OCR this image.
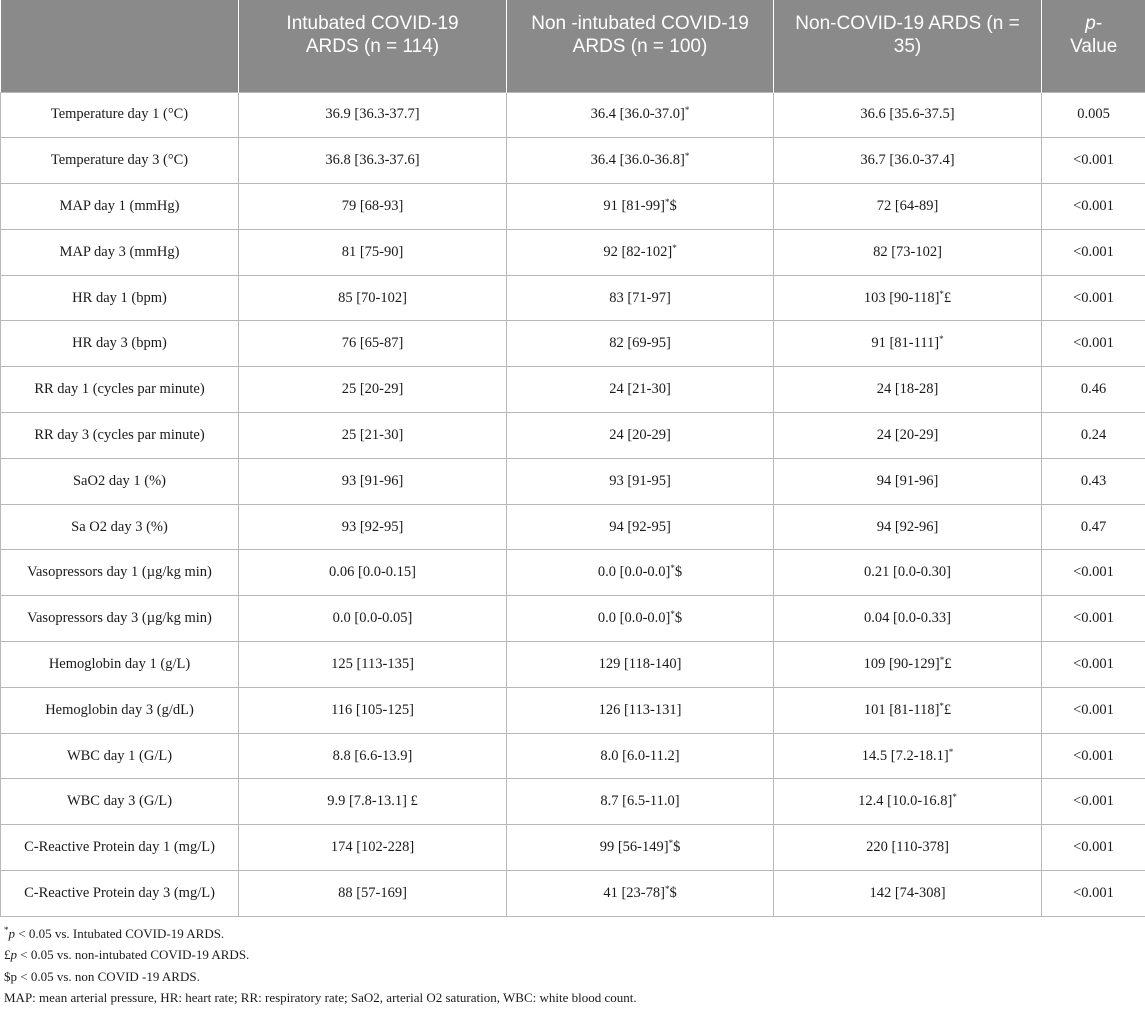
	Intubated COVID-19 ARDS (n = 114)	Non -intubated COVID-19 ARDS (n = 100)	Non-COVID-19 ARDS (n = 35)	p-Value
Temperature day 1 (°C)	36.9 [36.3-37.7]	36.4 [36.0-37.0]*	36.6 [35.6-37.5]	0.005
Temperature day 3 (°C)	36.8 [36.3-37.6]	36.4 [36.0-36.8]*	36.7 [36.0-37.4]	<0.001
MAP day 1 (mmHg)	79 [68-93]	91 [81-99]*$	72 [64-89]	<0.001
MAP day 3 (mmHg)	81 [75-90]	92 [82-102]*	82 [73-102]	<0.001
HR day 1 (bpm)	85 [70-102]	83 [71-97]	103 [90-118]*£	<0.001
HR day 3 (bpm)	76 [65-87]	82 [69-95]	91 [81-111]*	<0.001
RR day 1 (cycles par minute)	25 [20-29]	24 [21-30]	24 [18-28]	0.46
RR day 3 (cycles par minute)	25 [21-30]	24 [20-29]	24 [20-29]	0.24
SaO2 day 1 (%)	93 [91-96]	93 [91-95]	94 [91-96]	0.43
Sa O2 day 3 (%)	93 [92-95]	94 [92-95]	94 [92-96]	0.47
Vasopressors day 1 (µg/kg min)	0.06 [0.0-0.15]	0.0 [0.0-0.0]*$	0.21 [0.0-0.30]	<0.001
Vasopressors day 3 (µg/kg min)	0.0 [0.0-0.05]	0.0 [0.0-0.0]*$	0.04 [0.0-0.33]	<0.001
Hemoglobin day 1 (g/L)	125 [113-135]	129 [118-140]	109 [90-129]*£	<0.001
Hemoglobin day 3 (g/dL)	116 [105-125]	126 [113-131]	101 [81-118]*£	<0.001
WBC day 1 (G/L)	8.8 [6.6-13.9]	8.0 [6.0-11.2]	14.5 [7.2-18.1]*	<0.001
WBC day 3 (G/L)	9.9 [7.8-13.1] £	8.7 [6.5-11.0]	12.4 [10.0-16.8]*	<0.001
C-Reactive Protein day 1 (mg/L)	174 [102-228]	99 [56-149]*$	220 [110-378]	<0.001
C-Reactive Protein day 3 (mg/L)	88 [57-169]	41 [23-78]*$	142 [74-308]	<0.001
*p < 0.05 vs. Intubated COVID-19 ARDS.
£p < 0.05 vs. non-intubated COVID-19 ARDS.
$p < 0.05 vs. non COVID -19 ARDS.
MAP: mean arterial pressure, HR: heart rate; RR: respiratory rate; SaO2, arterial O2 saturation, WBC: white blood count.
